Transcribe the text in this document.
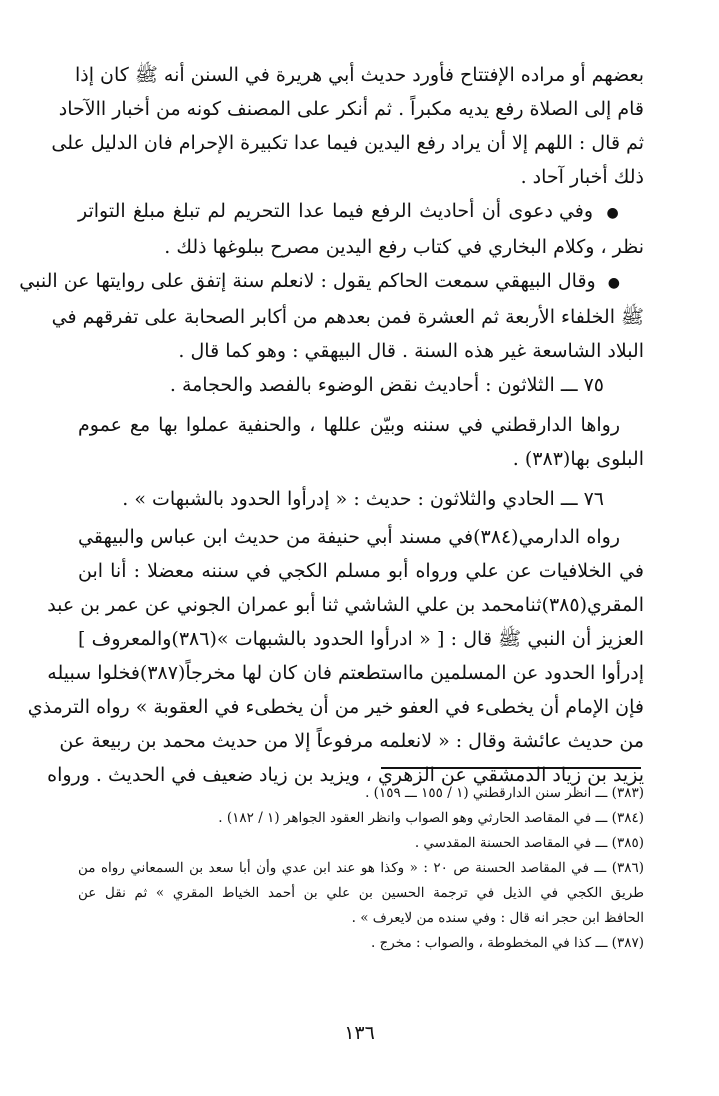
بعضهم أو مراده الإفتتاح فأورد حديث أبي هريرة في السنن أنه ﷺ كان إذا
قام إلى الصلاة رفع يديه مكبراً . ثم أنكر على المصنف كونه من أخبار االآحاد
ثم قال : اللهم إلا أن يراد رفع اليدين فيما عدا تكبيرة الإحرام فان الدليل على
ذلك أخبار آحاد .

● وفي دعوى أن أحاديث الرفع فيما عدا التحريم لم تبلغ مبلغ التواتر
نظر ، وكلام البخاري في كتاب رفع اليدين مصرح ببلوغها ذلك .

● وقال البيهقي سمعت الحاكم يقول : لانعلم سنة إتفق على روايتها عن النبي
ﷺ الخلفاء الأربعة ثم العشرة فمن بعدهم من أكابر الصحابة على تفرقهم في
البلاد الشاسعة غير هذه السنة . قال البيهقي : وهو كما قال .

٧٥ ـــ الثلاثون : أحاديث نقض الوضوء بالفصد والحجامة .

رواها الدارقطني في سننه وبيّن عللها ، والحنفية عملوا بها مع عموم
البلوى بها(٣٨٣) .

٧٦ ـــ الحادي والثلاثون : حديث : « إدرأوا الحدود بالشبهات » .

رواه الدارمي(٣٨٤)في مسند أبي حنيفة من حديث ابن عباس والبيهقي
في الخلافيات عن علي ورواه أبو مسلم الكجي في سننه معضلا : أنا ابن
المقري(٣٨٥)ثنامحمد بن علي الشاشي ثنا أبو عمران الجوني عن عمر بن عبد
العزيز أن النبي ﷺ قال : [ « ادرأوا الحدود بالشبهات »(٣٨٦)والمعروف ]
إدرأوا الحدود عن المسلمين مااستطعتم فان كان لها مخرجاً(٣٨٧)فخلوا سبيله
فإن الإمام أن يخطىء في العفو خير من أن يخطىء في العقوبة » رواه الترمذي
من حديث عائشة وقال : « لانعلمه مرفوعاً إلا من حديث محمد بن ربيعة عن
يزيد بن زياد الدمشقي عن الزهري ، ويزيد بن زياد ضعيف في الحديث . ورواه

(٣٨٣) ـــ انظر سنن الدارقطني (١ / ١٥٥ ـــ ١٥٩) .

(٣٨٤) ـــ في المقاصد الحارثي وهو الصواب وانظر العقود الجواهر (١ / ١٨٢) .

(٣٨٥) ـــ في المقاصد الحسنة المقدسي .

(٣٨٦) ـــ في المقاصد الحسنة ص ٢٠ : « وكذا هو عند ابن عدي وأن أبا سعد بن السمعاني رواه من
طريق الكجي في الذيل في ترجمة الحسين بن علي بن أحمد الخياط المقري » ثم نقل عن
الحافظ ابن حجر انه قال : وفي سنده من لايعرف » .

(٣٨٧) ـــ كذا في المخطوطة ، والصواب : مخرج .

١٣٦
